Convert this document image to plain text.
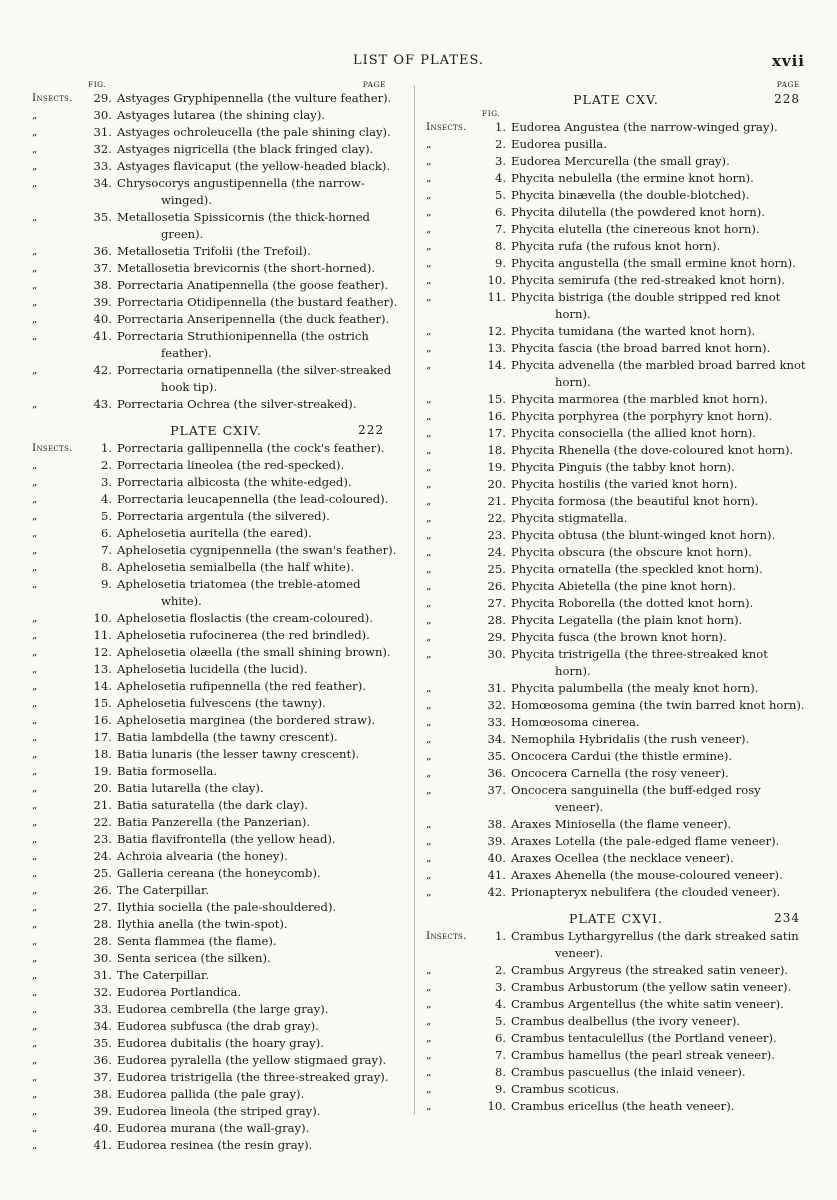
LIST OF PLATES.	xvii
FIG.	PAGE
Insects.	29. Astyages Gryphipennella (the vulture feather).
„	30. Astyages lutarea (the shining clay).
„	31. Astyages ochroleucella (the pale shining clay).
„	32. Astyages nigricella (the black fringed clay).
„	33. Astyages flavicaput (the yellow-headed black).
„	34. Chrysocorys angustipennella (the narrow-winged).
„	35. Metallosetia Spissicornis (the thick-horned green).
„	36. Metallosetia Trifolii (the Trefoil).
„	37. Metallosetia brevicornis (the short-horned).
„	38. Porrectaria Anatipennella (the goose feather).
„	39. Porrectaria Otidipennella (the bustard feather).
„	40. Porrectaria Anseripennella (the duck feather).
„	41. Porrectaria Struthionipennella (the ostrich feather).
„	42. Porrectaria ornatipennella (the silver-streaked hook tip).
„	43. Porrectaria Ochrea (the silver-streaked).
PLATE CXIV.	222
Insects.	1. Porrectaria gallipennella (the cock's feather).
„	2. Porrectaria lineolea (the red-specked).
„	3. Porrectaria albicosta (the white-edged).
„	4. Porrectaria leucapennella (the lead-coloured).
„	5. Porrectaria argentula (the silvered).
„	6. Aphelosetia auritella (the eared).
„	7. Aphelosetia cygnipennella (the swan's feather).
„	8. Aphelosetia semialbella (the half white).
„	9. Aphelosetia triatomea (the treble-atomed white).
„	10. Aphelosetia floslactis (the cream-coloured).
„	11. Aphelosetia rufocinerea (the red brindled).
„	12. Aphelosetia olæella (the small shining brown).
„	13. Aphelosetia lucidella (the lucid).
„	14. Aphelosetia rufipennella (the red feather).
„	15. Aphelosetia fulvescens (the tawny).
„	16. Aphelosetia marginea (the bordered straw).
„	17. Batia lambdella (the tawny crescent).
„	18. Batia lunaris (the lesser tawny crescent).
„	19. Batia formosella.
„	20. Batia lutarella (the clay).
„	21. Batia saturatella (the dark clay).
„	22. Batia Panzerella (the Panzerian).
„	23. Batia flavifrontella (the yellow head).
„	24. Achroia alvearia (the honey).
„	25. Galleria cereana (the honeycomb).
„	26. The Caterpillar.
„	27. Ilythia sociella (the pale-shouldered).
„	28. Ilythia anella (the twin-spot).
„	28. Senta flammea (the flame).
„	30. Senta sericea (the silken).
„	31. The Caterpillar.
„	32. Eudorea Portlandica.
„	33. Eudorea cembrella (the large gray).
„	34. Eudorea subfusca (the drab gray).
„	35. Eudorea dubitalis (the hoary gray).
„	36. Eudorea pyralella (the yellow stigmaed gray).
„	37. Eudorea tristrigella (the three-streaked gray).
„	38. Eudorea pallida (the pale gray).
„	39. Eudorea lineola (the striped gray).
„	40. Eudorea murana (the wall-gray).
„	41. Eudorea resinea (the resin gray).
PAGE
PLATE CXV.	228
FIG.
Insects.	1. Eudorea Angustea (the narrow-winged gray).
„	2. Eudorea pusilla.
„	3. Eudorea Mercurella (the small gray).
„	4. Phycita nebulella (the ermine knot horn).
„	5. Phycita binævella (the double-blotched).
„	6. Phycita dilutella (the powdered knot horn).
„	7. Phycita elutella (the cinereous knot horn).
„	8. Phycita rufa (the rufous knot horn).
„	9. Phycita angustella (the small ermine knot horn).
„	10. Phycita semirufa (the red-streaked knot horn).
„	11. Phycita bistriga (the double stripped red knot horn).
„	12. Phycita tumidana (the warted knot horn).
„	13. Phycita fascia (the broad barred knot horn).
„	14. Phycita advenella (the marbled broad barred knot horn).
„	15. Phycita marmorea (the marbled knot horn).
„	16. Phycita porphyrea (the porphyry knot horn).
„	17. Phycita consociella (the allied knot horn).
„	18. Phycita Rhenella (the dove-coloured knot horn).
„	19. Phycita Pinguis (the tabby knot horn).
„	20. Phycita hostilis (the varied knot horn).
„	21. Phycita formosa (the beautiful knot horn).
„	22. Phycita stigmatella.
„	23. Phycita obtusa (the blunt-winged knot horn).
„	24. Phycita obscura (the obscure knot horn).
„	25. Phycita ornatella (the speckled knot horn).
„	26. Phycita Abietella (the pine knot horn).
„	27. Phycita Roborella (the dotted knot horn).
„	28. Phycita Legatella (the plain knot horn).
„	29. Phycita fusca (the brown knot horn).
„	30. Phycita tristrigella (the three-streaked knot horn).
„	31. Phycita palumbella (the mealy knot horn).
„	32. Homœosoma gemina (the twin barred knot horn).
„	33. Homœosoma cinerea.
„	34. Nemophila Hybridalis (the rush veneer).
„	35. Oncocera Cardui (the thistle ermine).
„	36. Oncocera Carnella (the rosy veneer).
„	37. Oncocera sanguinella (the buff-edged rosy veneer).
„	38. Araxes Miniosella (the flame veneer).
„	39. Araxes Lotella (the pale-edged flame veneer).
„	40. Araxes Ocellea (the necklace veneer).
„	41. Araxes Ahenella (the mouse-coloured veneer).
„	42. Prionapteryx nebulifera (the clouded veneer).
PLATE CXVI.	234
Insects.	1. Crambus Lythargyrellus (the dark streaked satin veneer).
„	2. Crambus Argyreus (the streaked satin veneer).
„	3. Crambus Arbustorum (the yellow satin veneer).
„	4. Crambus Argentellus (the white satin veneer).
„	5. Crambus dealbellus (the ivory veneer).
„	6. Crambus tentaculellus (the Portland veneer).
„	7. Crambus hamellus (the pearl streak veneer).
„	8. Crambus pascuellus (the inlaid veneer).
„	9. Crambus scoticus.
„	10. Crambus ericellus (the heath veneer).
